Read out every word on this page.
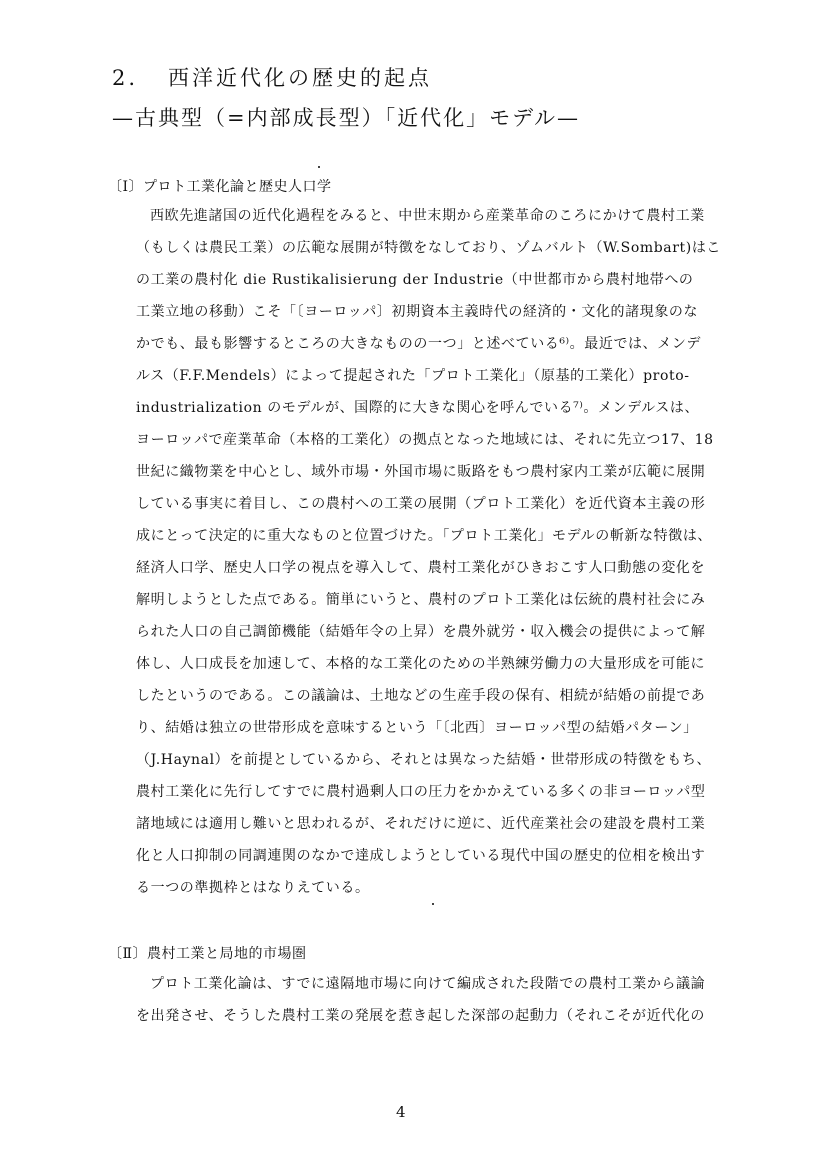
2. 西洋近代化の歴史的起点
—古典型（=内部成長型）「近代化」モデル—
〔Ⅰ〕プロト工業化論と歴史人口学
西欧先進諸国の近代化過程をみると、中世末期から産業革命のころにかけて農村工業
（もしくは農民工業）の広範な展開が特徴をなしており、ゾムバルト（W.Sombart)はこ
の工業の農村化 die Rustikalisierung der Industrie（中世都市から農村地帯への
工業立地の移動）こそ「〔ヨーロッパ〕初期資本主義時代の経済的・文化的諸現象のな
かでも、最も影響するところの大きなものの一つ」と述べている⁶⁾。最近では、メンデ
ルス（F.F.Mendels）によって提起された「プロト工業化」（原基的工業化）proto-
industrialization のモデルが、国際的に大きな関心を呼んでいる⁷⁾。メンデルスは、
ヨーロッパで産業革命（本格的工業化）の拠点となった地域には、それに先立つ17、18
世紀に織物業を中心とし、域外市場・外国市場に販路をもつ農村家内工業が広範に展開
している事実に着目し、この農村への工業の展開（プロト工業化）を近代資本主義の形
成にとって決定的に重大なものと位置づけた。「プロト工業化」モデルの斬新な特徴は、
経済人口学、歴史人口学の視点を導入して、農村工業化がひきおこす人口動態の変化を
解明しようとした点である。簡単にいうと、農村のプロト工業化は伝統的農村社会にみ
られた人口の自己調節機能（結婚年令の上昇）を農外就労・収入機会の提供によって解
体し、人口成長を加速して、本格的な工業化のための半熟練労働力の大量形成を可能に
したというのである。この議論は、土地などの生産手段の保有、相続が結婚の前提であ
り、結婚は独立の世帯形成を意味するという「〔北西〕ヨーロッパ型の結婚パターン」
（J.Haynal）を前提としているから、それとは異なった結婚・世帯形成の特徴をもち、
農村工業化に先行してすでに農村過剰人口の圧力をかかえている多くの非ヨーロッパ型
諸地域には適用し難いと思われるが、それだけに逆に、近代産業社会の建設を農村工業
化と人口抑制の同調連関のなかで達成しようとしている現代中国の歴史的位相を検出す
る一つの準拠枠とはなりえている。
〔Ⅱ〕農村工業と局地的市場圏
プロト工業化論は、すでに遠隔地市場に向けて編成された段階での農村工業から議論
を出発させ、そうした農村工業の発展を惹き起した深部の起動力（それこそが近代化の
4
